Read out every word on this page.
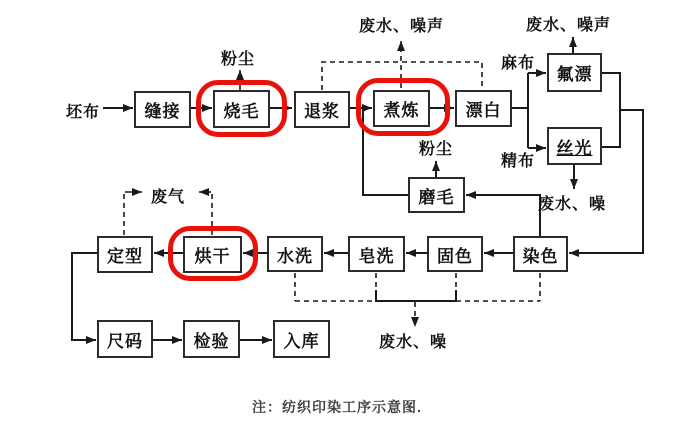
坯布
麻布
精布
粉尘
废水、噪声	废水、噪声
粉尘
废水、噪
废气
废水、噪
缝接	烧毛	退浆	煮炼	漂白
氟漂
丝光
磨毛
染色
固色
皂洗
水洗
烘干
定型
尺码	检验	入库
注：纺织印染工序示意图.
